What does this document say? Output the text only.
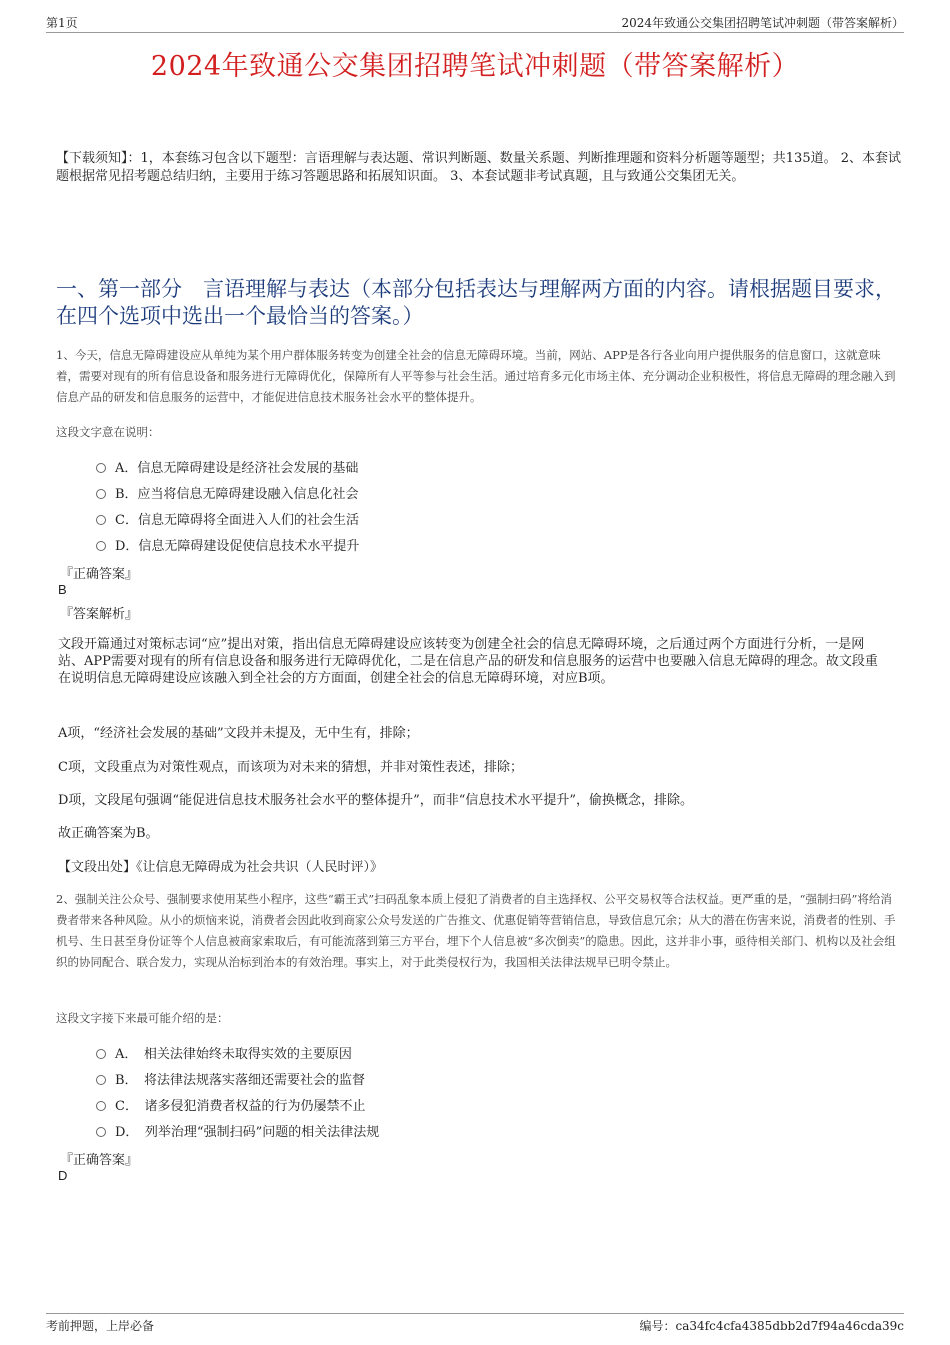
第1页	2024年致通公交集团招聘笔试冲刺题（带答案解析）
2024年致通公交集团招聘笔试冲刺题（带答案解析）
【下载须知】：1，本套练习包含以下题型：言语理解与表达题、常识判断题、数量关系题、判断推理题和资料分析题等题型；共135道。 2、本套试题根据常见招考题总结归纳，主要用于练习答题思路和拓展知识面。 3、本套试题非考试真题，且与致通公交集团无关。
一、第一部分　言语理解与表达（本部分包括表达与理解两方面的内容。请根据题目要求，在四个选项中选出一个最恰当的答案。）
1、今天，信息无障碍建设应从单纯为某个用户群体服务转变为创建全社会的信息无障碍环境。当前，网站、APP是各行各业向用户提供服务的信息窗口，这就意味着，需要对现有的所有信息设备和服务进行无障碍优化，保障所有人平等参与社会生活。通过培育多元化市场主体、充分调动企业积极性，将信息无障碍的理念融入到信息产品的研发和信息服务的运营中，才能促进信息技术服务社会水平的整体提升。
这段文字意在说明：
A．信息无障碍建设是经济社会发展的基础
B．应当将信息无障碍建设融入信息化社会
C．信息无障碍将全面进入人们的社会生活
D．信息无障碍建设促使信息技术水平提升
『正确答案』
B
『答案解析』
文段开篇通过对策标志词“应”提出对策，指出信息无障碍建设应该转变为创建全社会的信息无障碍环境，之后通过两个方面进行分析，一是网站、APP需要对现有的所有信息设备和服务进行无障碍优化，二是在信息产品的研发和信息服务的运营中也要融入信息无障碍的理念。故文段重在说明信息无障碍建设应该融入到全社会的方方面面，创建全社会的信息无障碍环境，对应B项。
A项，“经济社会发展的基础”文段并未提及，无中生有，排除；
C项，文段重点为对策性观点，而该项为对未来的猜想，并非对策性表述，排除；
D项，文段尾句强调“能促进信息技术服务社会水平的整体提升”，而非“信息技术水平提升”，偷换概念，排除。
故正确答案为B。
【文段出处】《让信息无障碍成为社会共识（人民时评）》
2、强制关注公众号、强制要求使用某些小程序，这些“霸王式”扫码乱象本质上侵犯了消费者的自主选择权、公平交易权等合法权益。更严重的是，“强制扫码”将给消费者带来各种风险。从小的烦恼来说，消费者会因此收到商家公众号发送的广告推文、优惠促销等营销信息，导致信息冗余；从大的潜在伤害来说，消费者的性别、手机号、生日甚至身份证等个人信息被商家索取后，有可能流落到第三方平台，埋下个人信息被“多次倒卖”的隐患。因此，这并非小事，亟待相关部门、机构以及社会组织的协同配合、联合发力，实现从治标到治本的有效治理。事实上，对于此类侵权行为，我国相关法律法规早已明令禁止。
这段文字接下来最可能介绍的是：
A．　相关法律始终未取得实效的主要原因
B．　将法律法规落实落细还需要社会的监督
C．　诸多侵犯消费者权益的行为仍屡禁不止
D．　列举治理“强制扫码”问题的相关法律法规
『正确答案』
D
考前押题，上岸必备	编号：ca34fc4cfa4385dbb2d7f94a46cda39c
